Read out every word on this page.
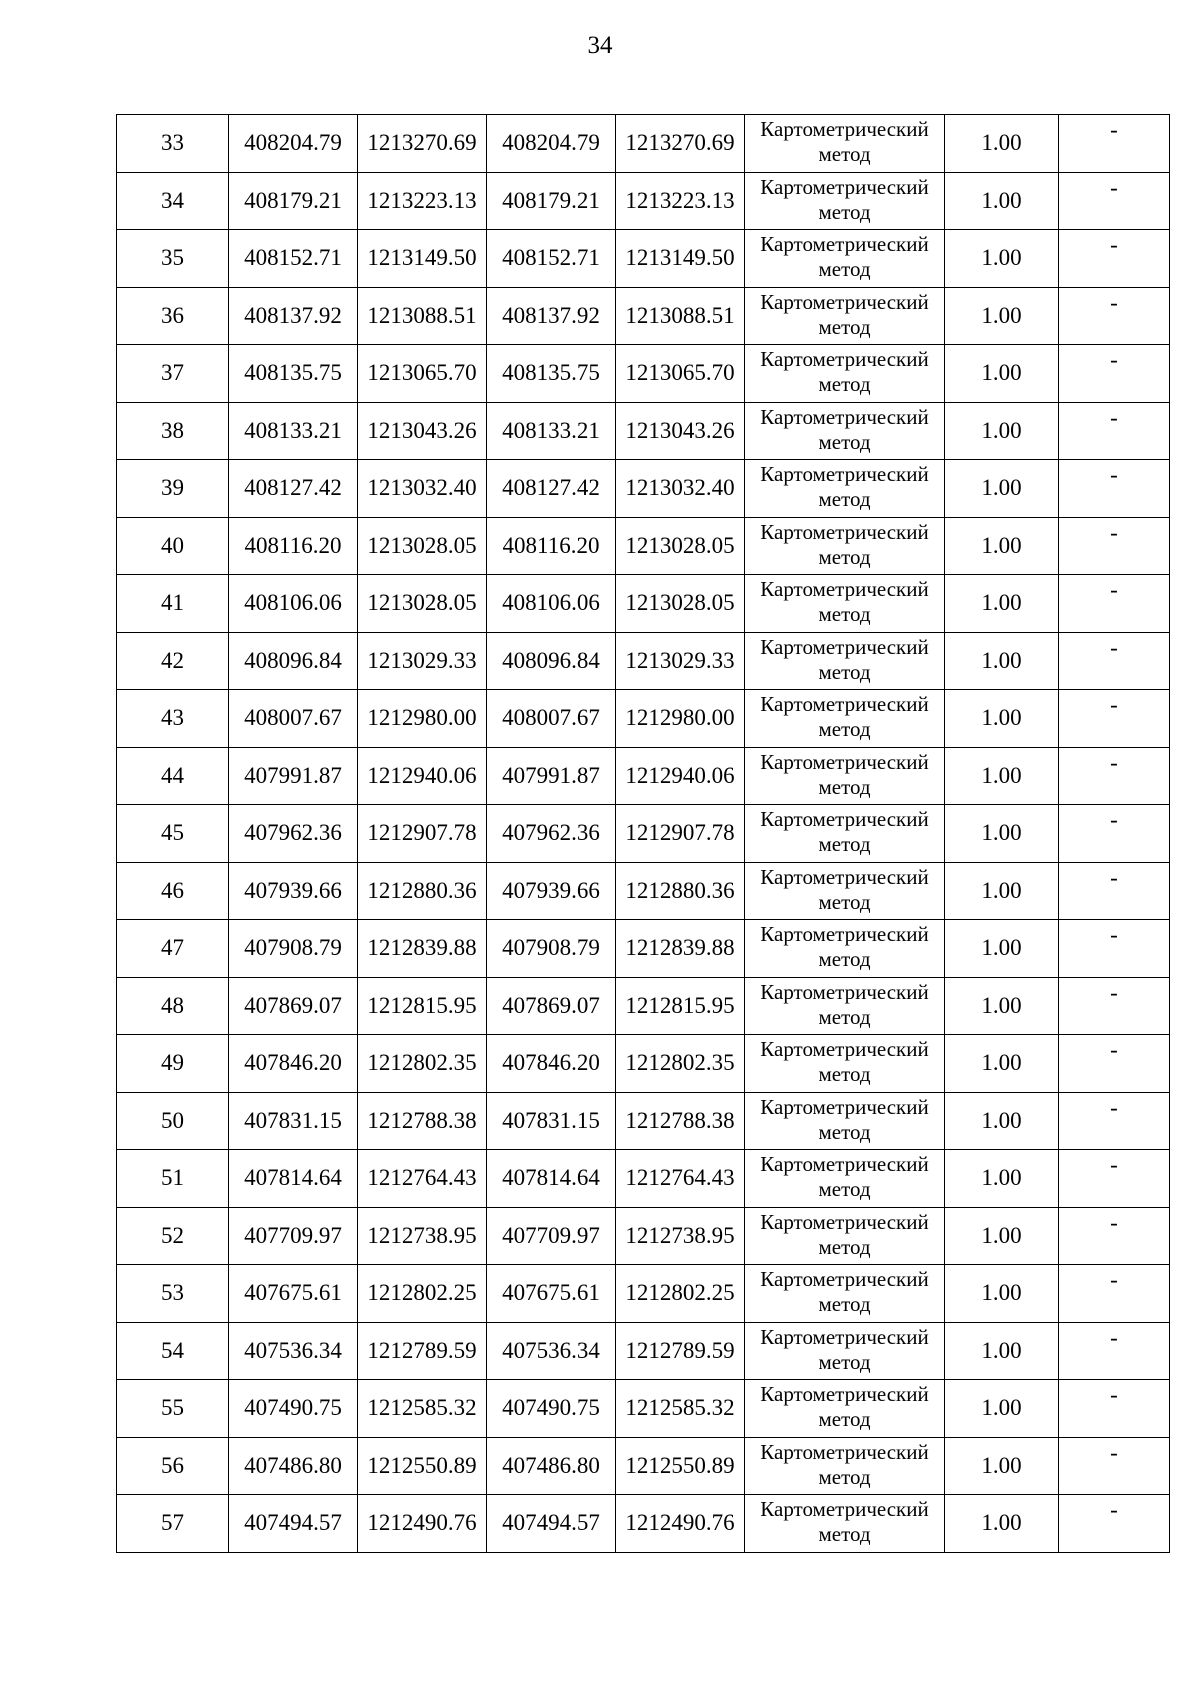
34
33	408204.79	1213270.69	408204.79	1213270.69	Картометрический метод	1.00	-
34	408179.21	1213223.13	408179.21	1213223.13	Картометрический метод	1.00	-
35	408152.71	1213149.50	408152.71	1213149.50	Картометрический метод	1.00	-
36	408137.92	1213088.51	408137.92	1213088.51	Картометрический метод	1.00	-
37	408135.75	1213065.70	408135.75	1213065.70	Картометрический метод	1.00	-
38	408133.21	1213043.26	408133.21	1213043.26	Картометрический метод	1.00	-
39	408127.42	1213032.40	408127.42	1213032.40	Картометрический метод	1.00	-
40	408116.20	1213028.05	408116.20	1213028.05	Картометрический метод	1.00	-
41	408106.06	1213028.05	408106.06	1213028.05	Картометрический метод	1.00	-
42	408096.84	1213029.33	408096.84	1213029.33	Картометрический метод	1.00	-
43	408007.67	1212980.00	408007.67	1212980.00	Картометрический метод	1.00	-
44	407991.87	1212940.06	407991.87	1212940.06	Картометрический метод	1.00	-
45	407962.36	1212907.78	407962.36	1212907.78	Картометрический метод	1.00	-
46	407939.66	1212880.36	407939.66	1212880.36	Картометрический метод	1.00	-
47	407908.79	1212839.88	407908.79	1212839.88	Картометрический метод	1.00	-
48	407869.07	1212815.95	407869.07	1212815.95	Картометрический метод	1.00	-
49	407846.20	1212802.35	407846.20	1212802.35	Картометрический метод	1.00	-
50	407831.15	1212788.38	407831.15	1212788.38	Картометрический метод	1.00	-
51	407814.64	1212764.43	407814.64	1212764.43	Картометрический метод	1.00	-
52	407709.97	1212738.95	407709.97	1212738.95	Картометрический метод	1.00	-
53	407675.61	1212802.25	407675.61	1212802.25	Картометрический метод	1.00	-
54	407536.34	1212789.59	407536.34	1212789.59	Картометрический метод	1.00	-
55	407490.75	1212585.32	407490.75	1212585.32	Картометрический метод	1.00	-
56	407486.80	1212550.89	407486.80	1212550.89	Картометрический метод	1.00	-
57	407494.57	1212490.76	407494.57	1212490.76	Картометрический метод	1.00	-
